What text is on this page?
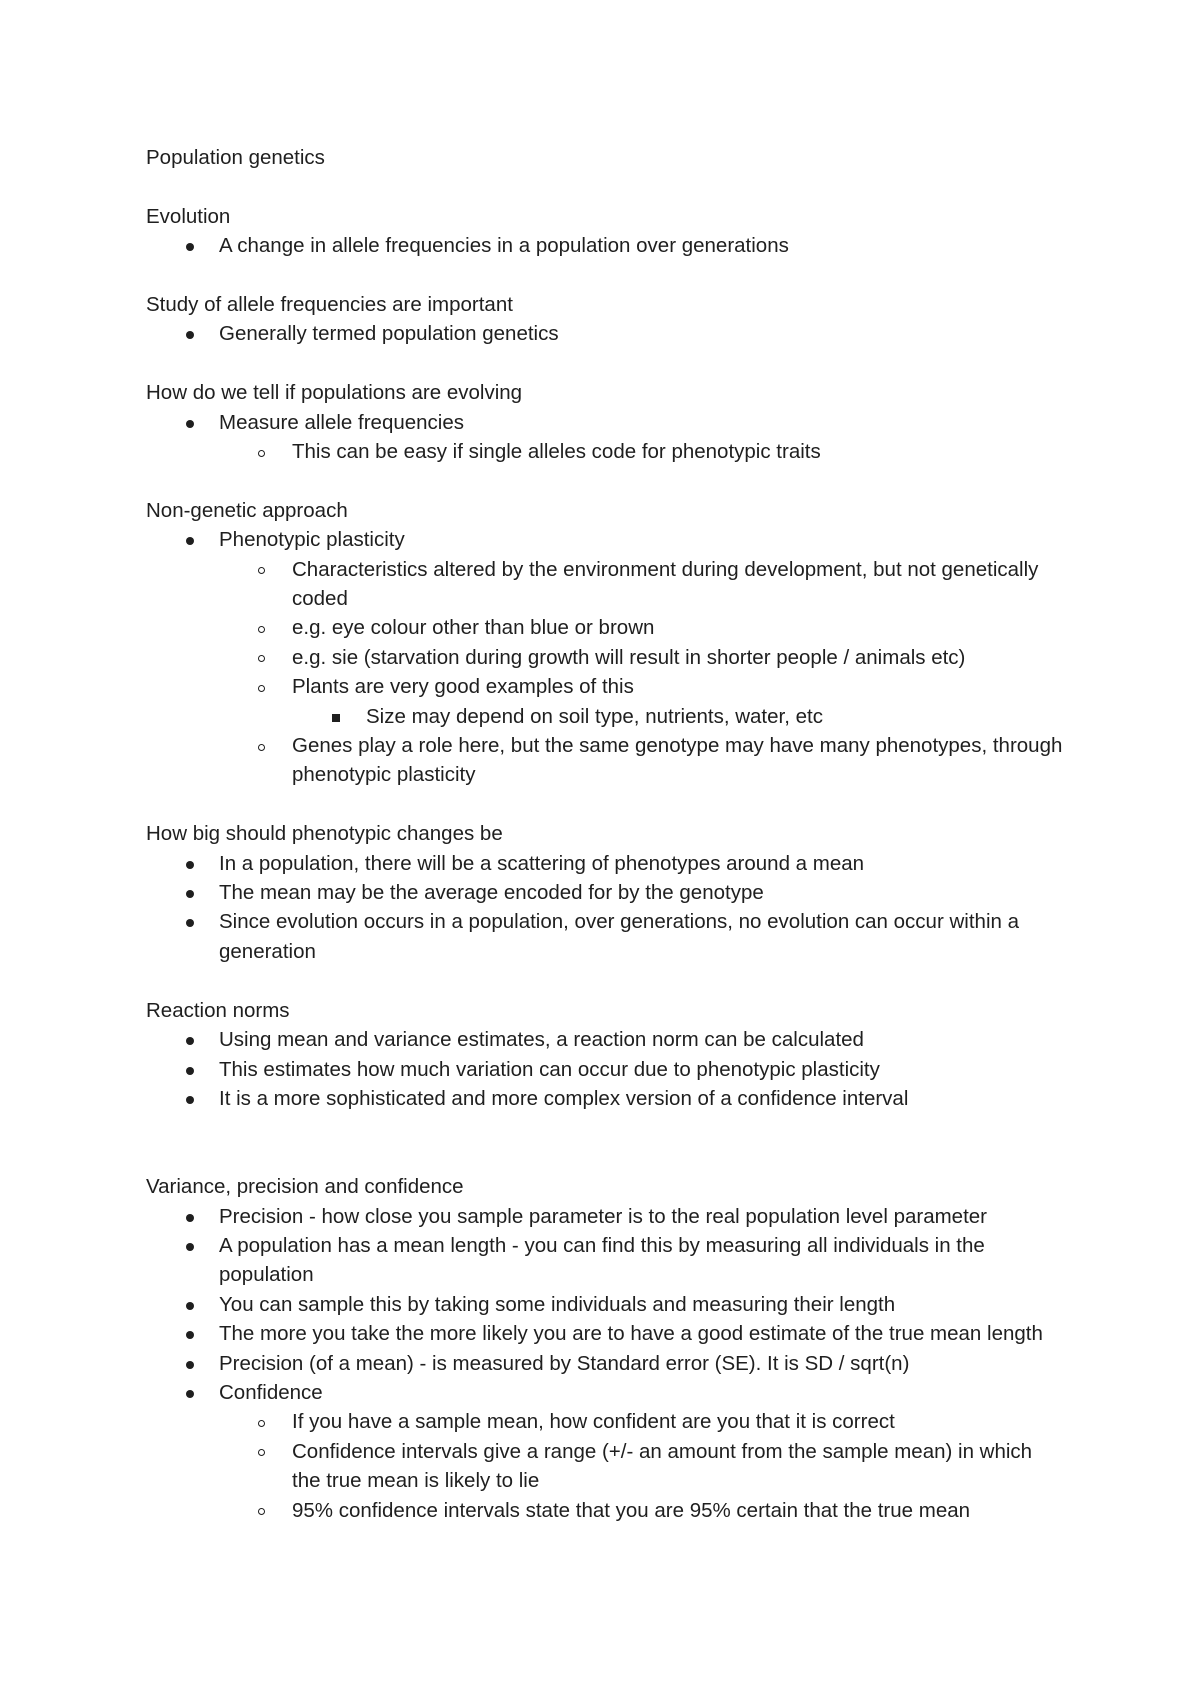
Population genetics

Evolution

A change in allele frequencies in a population over generations

Study of allele frequencies are important

Generally termed population genetics

How do we tell if populations are evolving

Measure allele frequencies
This can be easy if single alleles code for phenotypic traits

Non-genetic approach

Phenotypic plasticity
Characteristics altered by the environment during development, but not genetically coded
e.g. eye colour other than blue or brown
e.g. sie (starvation during growth will result in shorter people / animals etc)
Plants are very good examples of this
Size may depend on soil type, nutrients, water, etc
Genes play a role here, but the same genotype may have many phenotypes, through phenotypic plasticity

How big should phenotypic changes be

In a population, there will be a scattering of phenotypes around a mean
The mean may be the average encoded for by the genotype
Since evolution occurs in a population, over generations, no evolution can occur within a generation

Reaction norms

Using mean and variance estimates, a reaction norm can be calculated
This estimates how much variation can occur due to phenotypic plasticity
It is a more sophisticated and more complex version of a confidence interval

Variance, precision and confidence

Precision - how close you sample parameter is to the real population level parameter
A population has a mean length - you can find this by measuring all individuals in the population
You can sample this by taking some individuals and measuring their length
The more you take the more likely you are to have a good estimate of the true mean length
Precision (of a mean) - is measured by Standard error (SE). It is SD / sqrt(n)
Confidence
If you have a sample mean, how confident are you that it is correct
Confidence intervals give a range (+/- an amount from the sample mean) in which the true mean is likely to lie
95% confidence intervals state that you are 95% certain that the true mean
